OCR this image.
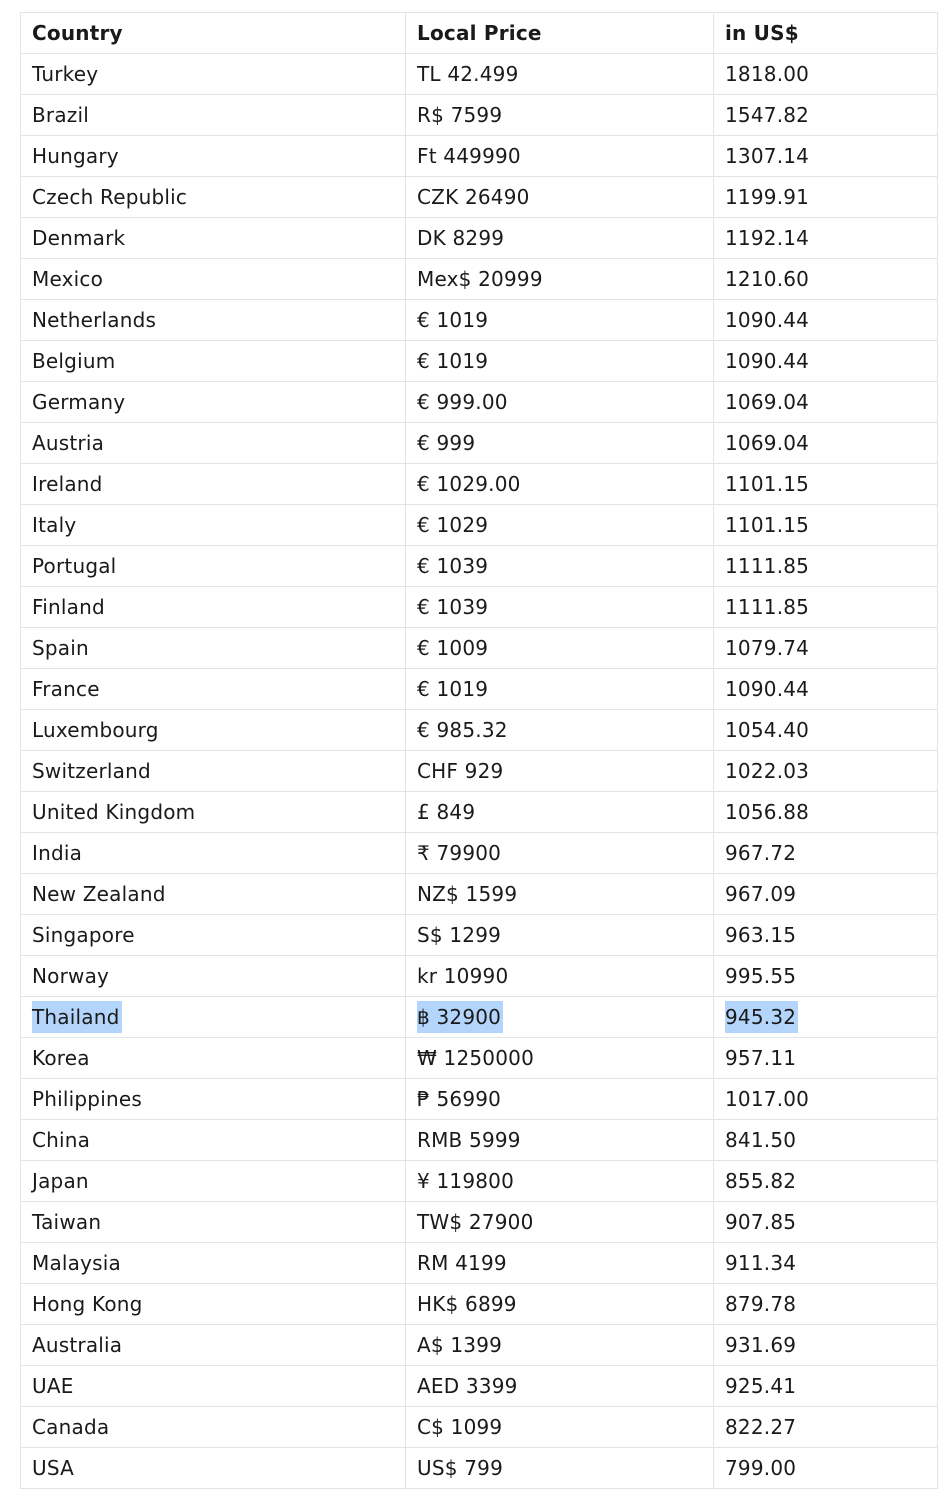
Country	Local Price	in US$
Turkey	TL 42.499	1818.00
Brazil	R$ 7599	1547.82
Hungary	Ft 449990	1307.14
Czech Republic	CZK 26490	1199.91
Denmark	DK 8299	1192.14
Mexico	Mex$ 20999	1210.60
Netherlands	€ 1019	1090.44
Belgium	€ 1019	1090.44
Germany	€ 999.00	1069.04
Austria	€ 999	1069.04
Ireland	€ 1029.00	1101.15
Italy	€ 1029	1101.15
Portugal	€ 1039	1111.85
Finland	€ 1039	1111.85
Spain	€ 1009	1079.74
France	€ 1019	1090.44
Luxembourg	€ 985.32	1054.40
Switzerland	CHF 929	1022.03
United Kingdom	£ 849	1056.88
India	₹ 79900	967.72
New Zealand	NZ$ 1599	967.09
Singapore	S$ 1299	963.15
Norway	kr 10990	995.55
Thailand	฿ 32900	945.32
Korea	₩ 1250000	957.11
Philippines	₱ 56990	1017.00
China	RMB 5999	841.50
Japan	¥ 119800	855.82
Taiwan	TW$ 27900	907.85
Malaysia	RM 4199	911.34
Hong Kong	HK$ 6899	879.78
Australia	A$ 1399	931.69
UAE	AED 3399	925.41
Canada	C$ 1099	822.27
USA	US$ 799	799.00
